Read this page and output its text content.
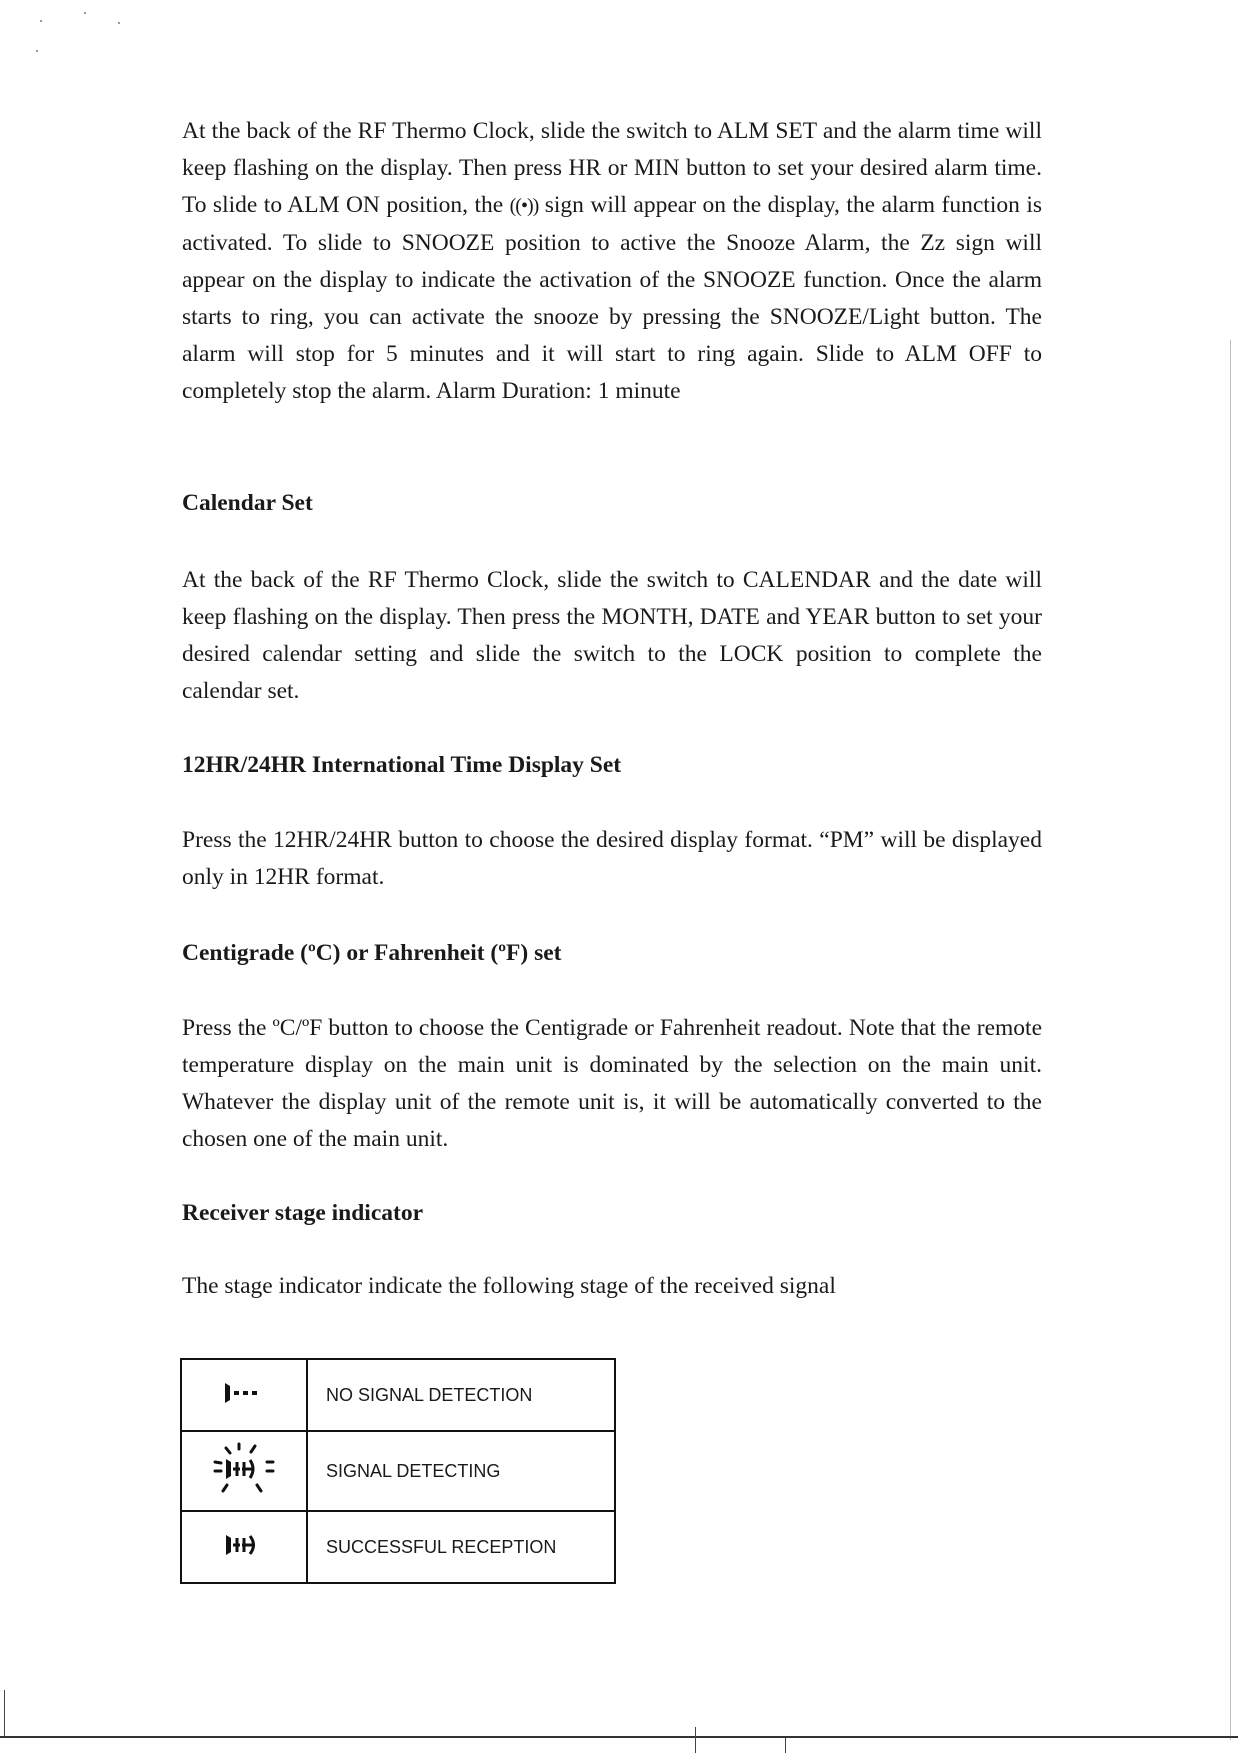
At the back of the RF Thermo Clock, slide the switch to ALM SET and the alarm time will keep flashing on the display. Then press HR or MIN button to set your desired alarm time. To slide to ALM ON position, the ((•)) sign will appear on the display, the alarm function is activated. To slide to SNOOZE position to active the Snooze Alarm, the Zz sign will appear on the display to indicate the activation of the SNOOZE function. Once the alarm starts to ring, you can activate the snooze by pressing the SNOOZE/Light button. The alarm will stop for 5 minutes and it will start to ring again. Slide to ALM OFF to completely stop the alarm. Alarm Duration: 1 minute

Calendar Set

At the back of the RF Thermo Clock, slide the switch to CALENDAR and the date will keep flashing on the display. Then press the MONTH, DATE and YEAR button to set your desired calendar setting and slide the switch to the LOCK position to complete the calendar set.

12HR/24HR International Time Display Set

Press the 12HR/24HR button to choose the desired display format. “PM” will be displayed only in 12HR format.

Centigrade (ºC) or Fahrenheit (ºF) set

Press the ºC/ºF button to choose the Centigrade or Fahrenheit readout. Note that the remote temperature display on the main unit is dominated by the selection on the main unit. Whatever the display unit of the remote unit is, it will be automatically converted to the chosen one of the main unit.

Receiver stage indicator

The stage indicator indicate the following stage of the received signal

	NO SIGNAL DETECTION
	SIGNAL DETECTING
	SUCCESSFUL RECEPTION
